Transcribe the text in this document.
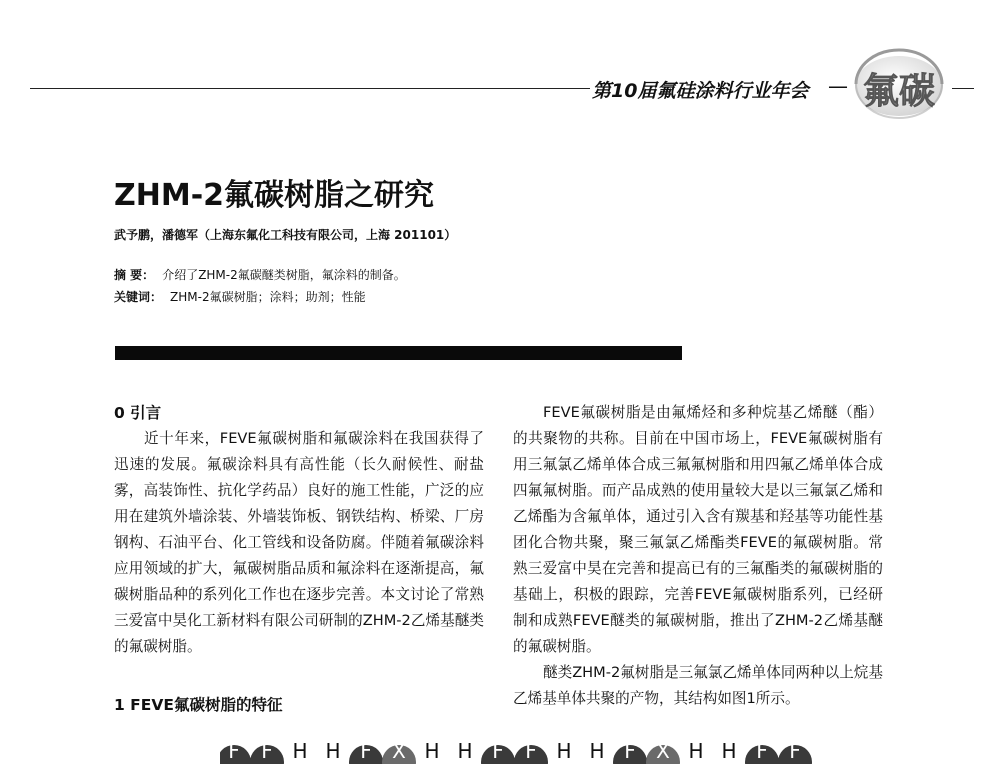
第10届氟硅涂料行业年会 — 氟碳
ZHM-2氟碳树脂之研究
武予鹏，潘德军（上海东氟化工科技有限公司，上海 201101）
摘 要： 介绍了ZHM-2氟碳醚类树脂，氟涂料的制备。
关键词： ZHM-2氟碳树脂；涂料；助剂；性能

0 引言

近十年来，FEVE氟碳树脂和氟碳涂料在我国获得了迅速的发展。氟碳涂料具有高性能（长久耐候性、耐盐雾，高装饰性、抗化学药品）良好的施工性能，广泛的应用在建筑外墙涂装、外墙装饰板、钢铁结构、桥梁、厂房钢构、石油平台、化工管线和设备防腐。伴随着氟碳涂料应用领域的扩大，氟碳树脂品质和氟涂料在逐渐提高，氟碳树脂品种的系列化工作也在逐步完善。本文讨论了常熟三爱富中昊化工新材料有限公司研制的ZHM-2乙烯基醚类的氟碳树脂。

1 FEVE氟碳树脂的特征

FEVE氟碳树脂是由氟烯烃和多种烷基乙烯醚（酯）的共聚物的共称。目前在中国市场上，FEVE氟碳树脂有用三氟氯乙烯单体合成三氟氟树脂和用四氟乙烯单体合成四氟氟树脂。而产品成熟的使用量较大是以三氟氯乙烯和乙烯酯为含氟单体，通过引入含有羰基和羟基等功能性基团化合物共聚，聚三氟氯乙烯酯类FEVE的氟碳树脂。常熟三爱富中昊在完善和提高已有的三氟酯类的氟碳树脂的基础上，积极的跟踪，完善FEVE氟碳树脂系列，已经研制和成熟FEVE醚类的氟碳树脂，推出了ZHM-2乙烯基醚的氟碳树脂。

醚类ZHM-2氟树脂是三氟氯乙烯单体同两种以上烷基乙烯基单体共聚的产物，其结构如图1所示。

F F H H F X H H F F H H F X H H F F
